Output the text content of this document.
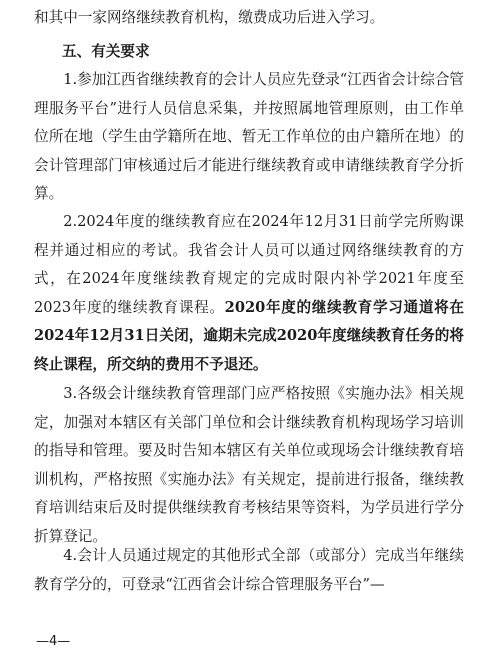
和其中一家网络继续教育机构，缴费成功后进入学习。

五、有关要求

1.参加江西省继续教育的会计人员应先登录“江西省会计综合管理服务平台”进行人员信息采集，并按照属地管理原则，由工作单位所在地（学生由学籍所在地、暂无工作单位的由户籍所在地）的会计管理部门审核通过后才能进行继续教育或申请继续教育学分折算。

2.2024年度的继续教育应在2024年12月31日前学完所购课程并通过相应的考试。我省会计人员可以通过网络继续教育的方式，在2024年度继续教育规定的完成时限内补学2021年度至2023年度的继续教育课程。2020年度的继续教育学习通道将在2024年12月31日关闭，逾期未完成2020年度继续教育任务的将终止课程，所交纳的费用不予退还。

3.各级会计继续教育管理部门应严格按照《实施办法》相关规定，加强对本辖区有关部门单位和会计继续教育机构现场学习培训的指导和管理。要及时告知本辖区有关单位或现场会计继续教育培训机构，严格按照《实施办法》有关规定，提前进行报备，继续教育培训结束后及时提供继续教育考核结果等资料，为学员进行学分折算登记。

4.会计人员通过规定的其他形式全部（或部分）完成当年继续教育学分的，可登录“江西省会计综合管理服务平台”—

—4—
